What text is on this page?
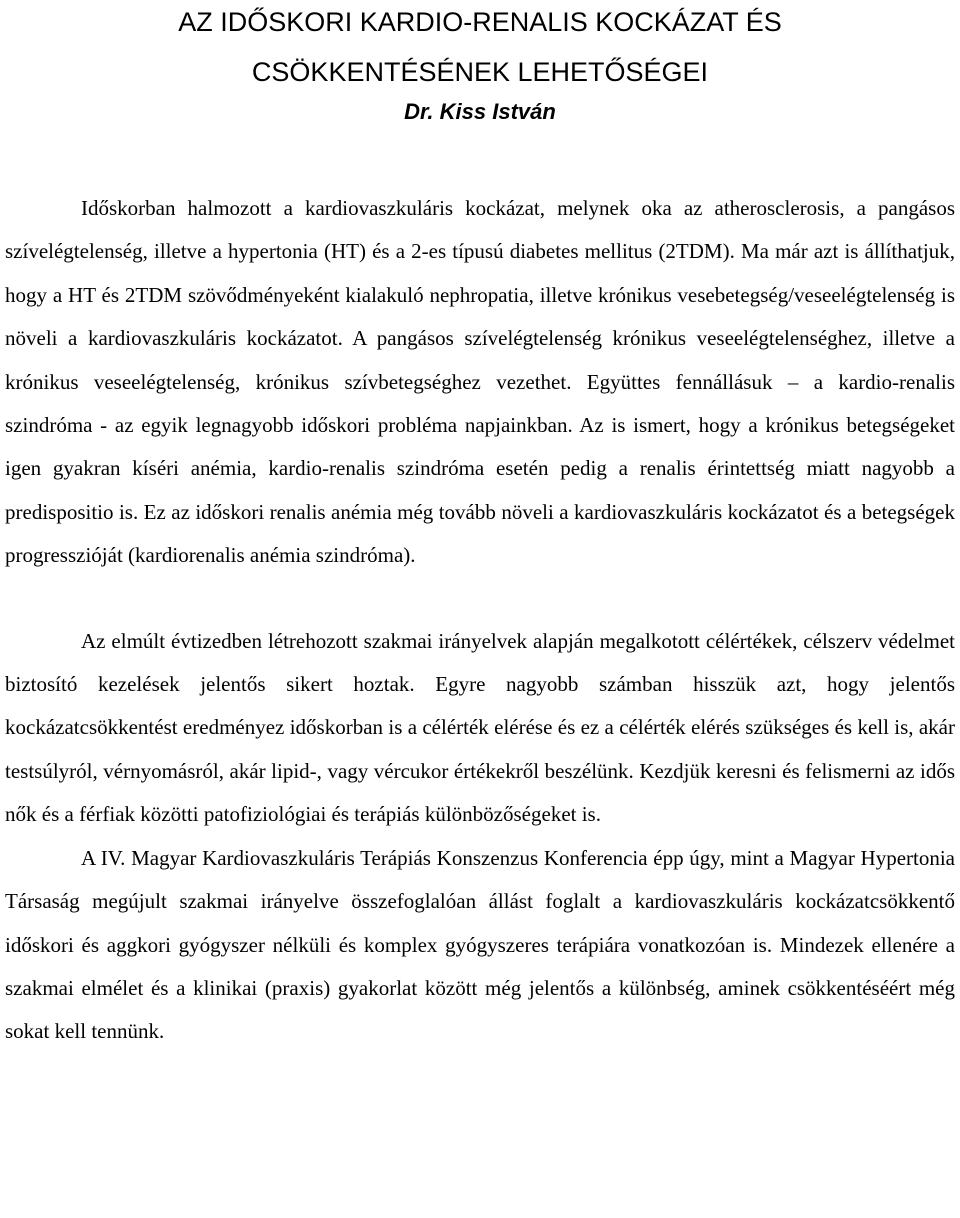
AZ IDŐSKORI KARDIO-RENALIS KOCKÁZAT ÉS
CSÖKKENTÉSÉNEK LEHETŐSÉGEI

Dr. Kiss István

Időskorban halmozott a kardiovaszkuláris kockázat, melynek oka az atherosclerosis, a pangásos szívelégtelenség, illetve a hypertonia (HT) és a 2-es típusú diabetes mellitus (2TDM). Ma már azt is állíthatjuk, hogy a HT és 2TDM szövődményeként kialakuló nephropatia, illetve krónikus vesebetegség/veseelégtelenség is növeli a kardiovaszkuláris kockázatot. A pangásos szívelégtelenség krónikus veseelégtelenséghez, illetve a krónikus veseelégtelenség, krónikus szívbetegséghez vezethet. Együttes fennállásuk – a kardio-renalis szindróma - az egyik legnagyobb időskori probléma napjainkban. Az is ismert, hogy a krónikus betegségeket igen gyakran kíséri anémia, kardio-renalis szindróma esetén pedig a renalis érintettség miatt nagyobb a predispositio is. Ez az időskori renalis anémia még tovább növeli a kardiovaszkuláris kockázatot és a betegségek progresszióját (kardiorenalis anémia szindróma).

Az elmúlt évtizedben létrehozott szakmai irányelvek alapján megalkotott célértékek, célszerv védelmet biztosító kezelések jelentős sikert hoztak. Egyre nagyobb számban hisszük azt, hogy jelentős kockázatcsökkentést eredményez időskorban is a célérték elérése és ez a célérték elérés szükséges és kell is, akár testsúlyról, vérnyomásról, akár lipid-, vagy vércukor értékekről beszélünk. Kezdjük keresni és felismerni az idős nők és a férfiak közötti patofiziológiai és terápiás különbözőségeket is.

A IV. Magyar Kardiovaszkuláris Terápiás Konszenzus Konferencia épp úgy, mint a Magyar Hypertonia Társaság megújult szakmai irányelve összefoglalóan állást foglalt a kardiovaszkuláris kockázatcsökkentő időskori és aggkori gyógyszer nélküli és komplex gyógyszeres terápiára vonatkozóan is. Mindezek ellenére a szakmai elmélet és a klinikai (praxis) gyakorlat között még jelentős a különbség, aminek csökkentéséért még sokat kell tennünk.
